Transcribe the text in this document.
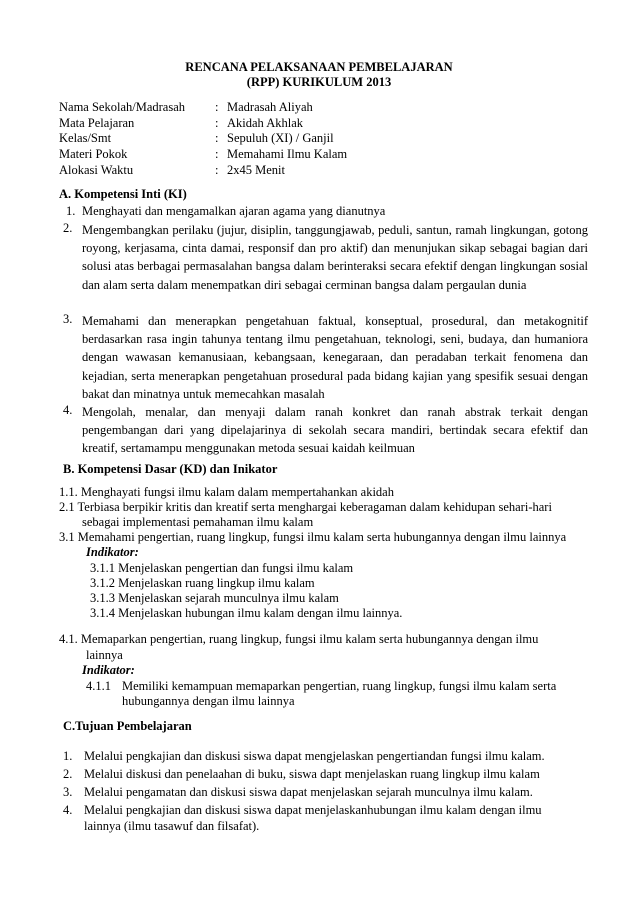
RENCANA PELAKSANAAN PEMBELAJARAN
(RPP) KURIKULUM 2013
Nama Sekolah/Madrasah : Madrasah Aliyah
Mata Pelajaran	: Akidah Akhlak
Kelas/Smt	: Sepuluh (XI) / Ganjil
Materi Pokok	: Memahami Ilmu Kalam
Alokasi Waktu	: 2x45 Menit
A. Kompetensi Inti (KI)
1. Menghayati dan mengamalkan ajaran agama yang dianutnya
2. Mengembangkan perilaku (jujur, disiplin, tanggungjawab, peduli, santun, ramah lingkungan, gotong royong, kerjasama, cinta damai, responsif dan pro aktif) dan menunjukan sikap sebagai bagian dari solusi atas berbagai permasalahan bangsa dalam berinteraksi secara efektif dengan lingkungan sosial dan alam serta dalam menempatkan diri sebagai cerminan bangsa dalam pergaulan dunia
3. Memahami dan menerapkan pengetahuan faktual, konseptual, prosedural, dan metakognitif berdasarkan rasa ingin tahunya tentang ilmu pengetahuan, teknologi, seni, budaya, dan humaniora dengan wawasan kemanusiaan, kebangsaan, kenegaraan, dan peradaban terkait fenomena dan kejadian, serta menerapkan pengetahuan prosedural pada bidang kajian yang spesifik sesuai dengan bakat dan minatnya untuk memecahkan masalah
4. Mengolah, menalar, dan menyaji dalam ranah konkret dan ranah abstrak terkait dengan pengembangan dari yang dipelajarinya di sekolah secara mandiri, bertindak secara efektif dan kreatif, sertamampu menggunakan metoda sesuai kaidah keilmuan
B. Kompetensi Dasar (KD) dan Inikator
1.1. Menghayati fungsi ilmu kalam dalam mempertahankan akidah
2.1 Terbiasa berpikir kritis dan kreatif serta menghargai keberagaman dalam kehidupan sehari-hari
sebagai implementasi pemahaman ilmu kalam
3.1 Memahami pengertian, ruang lingkup, fungsi ilmu kalam serta hubungannya dengan ilmu lainnya
Indikator:
3.1.1 Menjelaskan pengertian dan fungsi ilmu kalam
3.1.2 Menjelaskan ruang lingkup ilmu kalam
3.1.3 Menjelaskan sejarah munculnya ilmu kalam
3.1.4 Menjelaskan hubungan ilmu kalam dengan ilmu lainnya.
4.1. Memaparkan pengertian, ruang lingkup, fungsi ilmu kalam serta hubungannya dengan ilmu
lainnya
Indikator:
4.1.1 Memiliki kemampuan memaparkan pengertian, ruang lingkup, fungsi ilmu kalam serta
hubungannya dengan ilmu lainnya
C.Tujuan Pembelajaran
1. Melalui pengkajian dan diskusi siswa dapat mengjelaskan pengertiandan fungsi ilmu kalam.
2. Melalui diskusi dan penelaahan di buku, siswa dapt menjelaskan ruang lingkup ilmu kalam
3. Melalui pengamatan dan diskusi siswa dapat menjelaskan sejarah munculnya ilmu kalam.
4. Melalui pengkajian dan diskusi siswa dapat menjelaskanhubungan ilmu kalam dengan ilmu
lainnya (ilmu tasawuf dan filsafat).
